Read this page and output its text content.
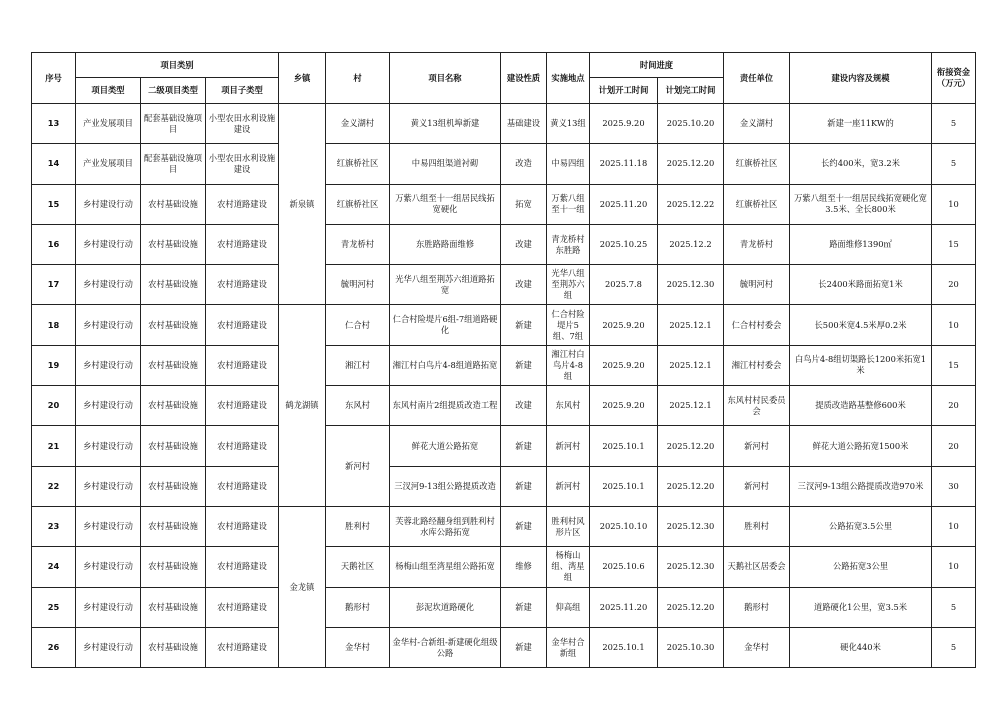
序号	项目类别			乡镇	村	项目名称	建设性质	实施地点	时间进度		责任单位	建设内容及规模	衔接资金（万元）
	项目类型	二级项目类型	项目子类型						计划开工时间	计划完工时间			
13	产业发展项目	配套基础设施项目	小型农田水利设施建设	新泉镇	金义湖村	黄义13组机埠新建	基础建设	黄义13组	2025.9.20	2025.10.20	金义湖村	新建一座11KW的	5
14	产业发展项目	配套基础设施项目	小型农田水利设施建设		红旗桥社区	中易四组渠道衬砌	改造	中易四组	2025.11.18	2025.12.20	红旗桥社区	长约400米，宽3.2米	5
15	乡村建设行动	农村基础设施	农村道路建设		红旗桥社区	万紫八组至十一组居民线拓宽硬化	拓宽	万紫八组至十一组	2025.11.20	2025.12.22	红旗桥社区	万紫八组至十一组居民线拓宽硬化宽3.5米、全长800米	10
16	乡村建设行动	农村基础设施	农村道路建设		青龙桥村	东胜路路面维修	改建	青龙桥村东胜路	2025.10.25	2025.12.2	青龙桥村	路面维修1390㎡	15
17	乡村建设行动	农村基础设施	农村道路建设		毓明河村	光华八组至荆苏六组道路拓宽	改建	光华八组至荆苏六组	2025.7.8	2025.12.30	毓明河村	长2400米路面拓宽1米	20
18	乡村建设行动	农村基础设施	农村道路建设	鹤龙湖镇	仁合村	仁合村险堤片6组-7组道路硬化	新建	仁合村险堤片5组、7组	2025.9.20	2025.12.1	仁合村村委会	长500米宽4.5米厚0.2米	10
19	乡村建设行动	农村基础设施	农村道路建设		湘江村	湘江村白鸟片4-8组道路拓宽	新建	湘江村白鸟片4-8组	2025.9.20	2025.12.1	湘江村村委会	白鸟片4-8组切渠路长1200米拓宽1米	15
20	乡村建设行动	农村基础设施	农村道路建设		东风村	东风村南片2组提质改造工程	改建	东风村	2025.9.20	2025.12.1	东风村村民委员会	提质改造路基整修600米	20
21	乡村建设行动	农村基础设施	农村道路建设		新河村	鲜花大道公路拓宽	新建	新河村	2025.10.1	2025.12.20	新河村	鲜花大道公路拓宽1500米	20
22	乡村建设行动	农村基础设施	农村道路建设			三汊河9-13组公路提质改造	新建	新河村	2025.10.1	2025.12.20	新河村	三汊河9-13组公路提质改造970米	30
23	乡村建设行动	农村基础设施	农村道路建设	金龙镇	胜利村	芙蓉北路经翻身组到胜利村水库公路拓宽	新建	胜利村风形片区	2025.10.10	2025.12.30	胜利村	公路拓宽3.5公里	10
24	乡村建设行动	农村基础设施	农村道路建设		天鹅社区	杨梅山组至湾星组公路拓宽	维修	杨梅山组、湾星组	2025.10.6	2025.12.30	天鹅社区居委会	公路拓宽3公里	10
25	乡村建设行动	农村基础设施	农村道路建设		鹅形村	彭泥坎道路硬化	新建	仰高组	2025.11.20	2025.12.20	鹅形村	道路硬化1公里，宽3.5米	5
26	乡村建设行动	农村基础设施	农村道路建设		金华村	金华村-合新组-新建硬化组级公路	新建	金华村合新组	2025.10.1	2025.10.30	金华村	硬化440米	5
